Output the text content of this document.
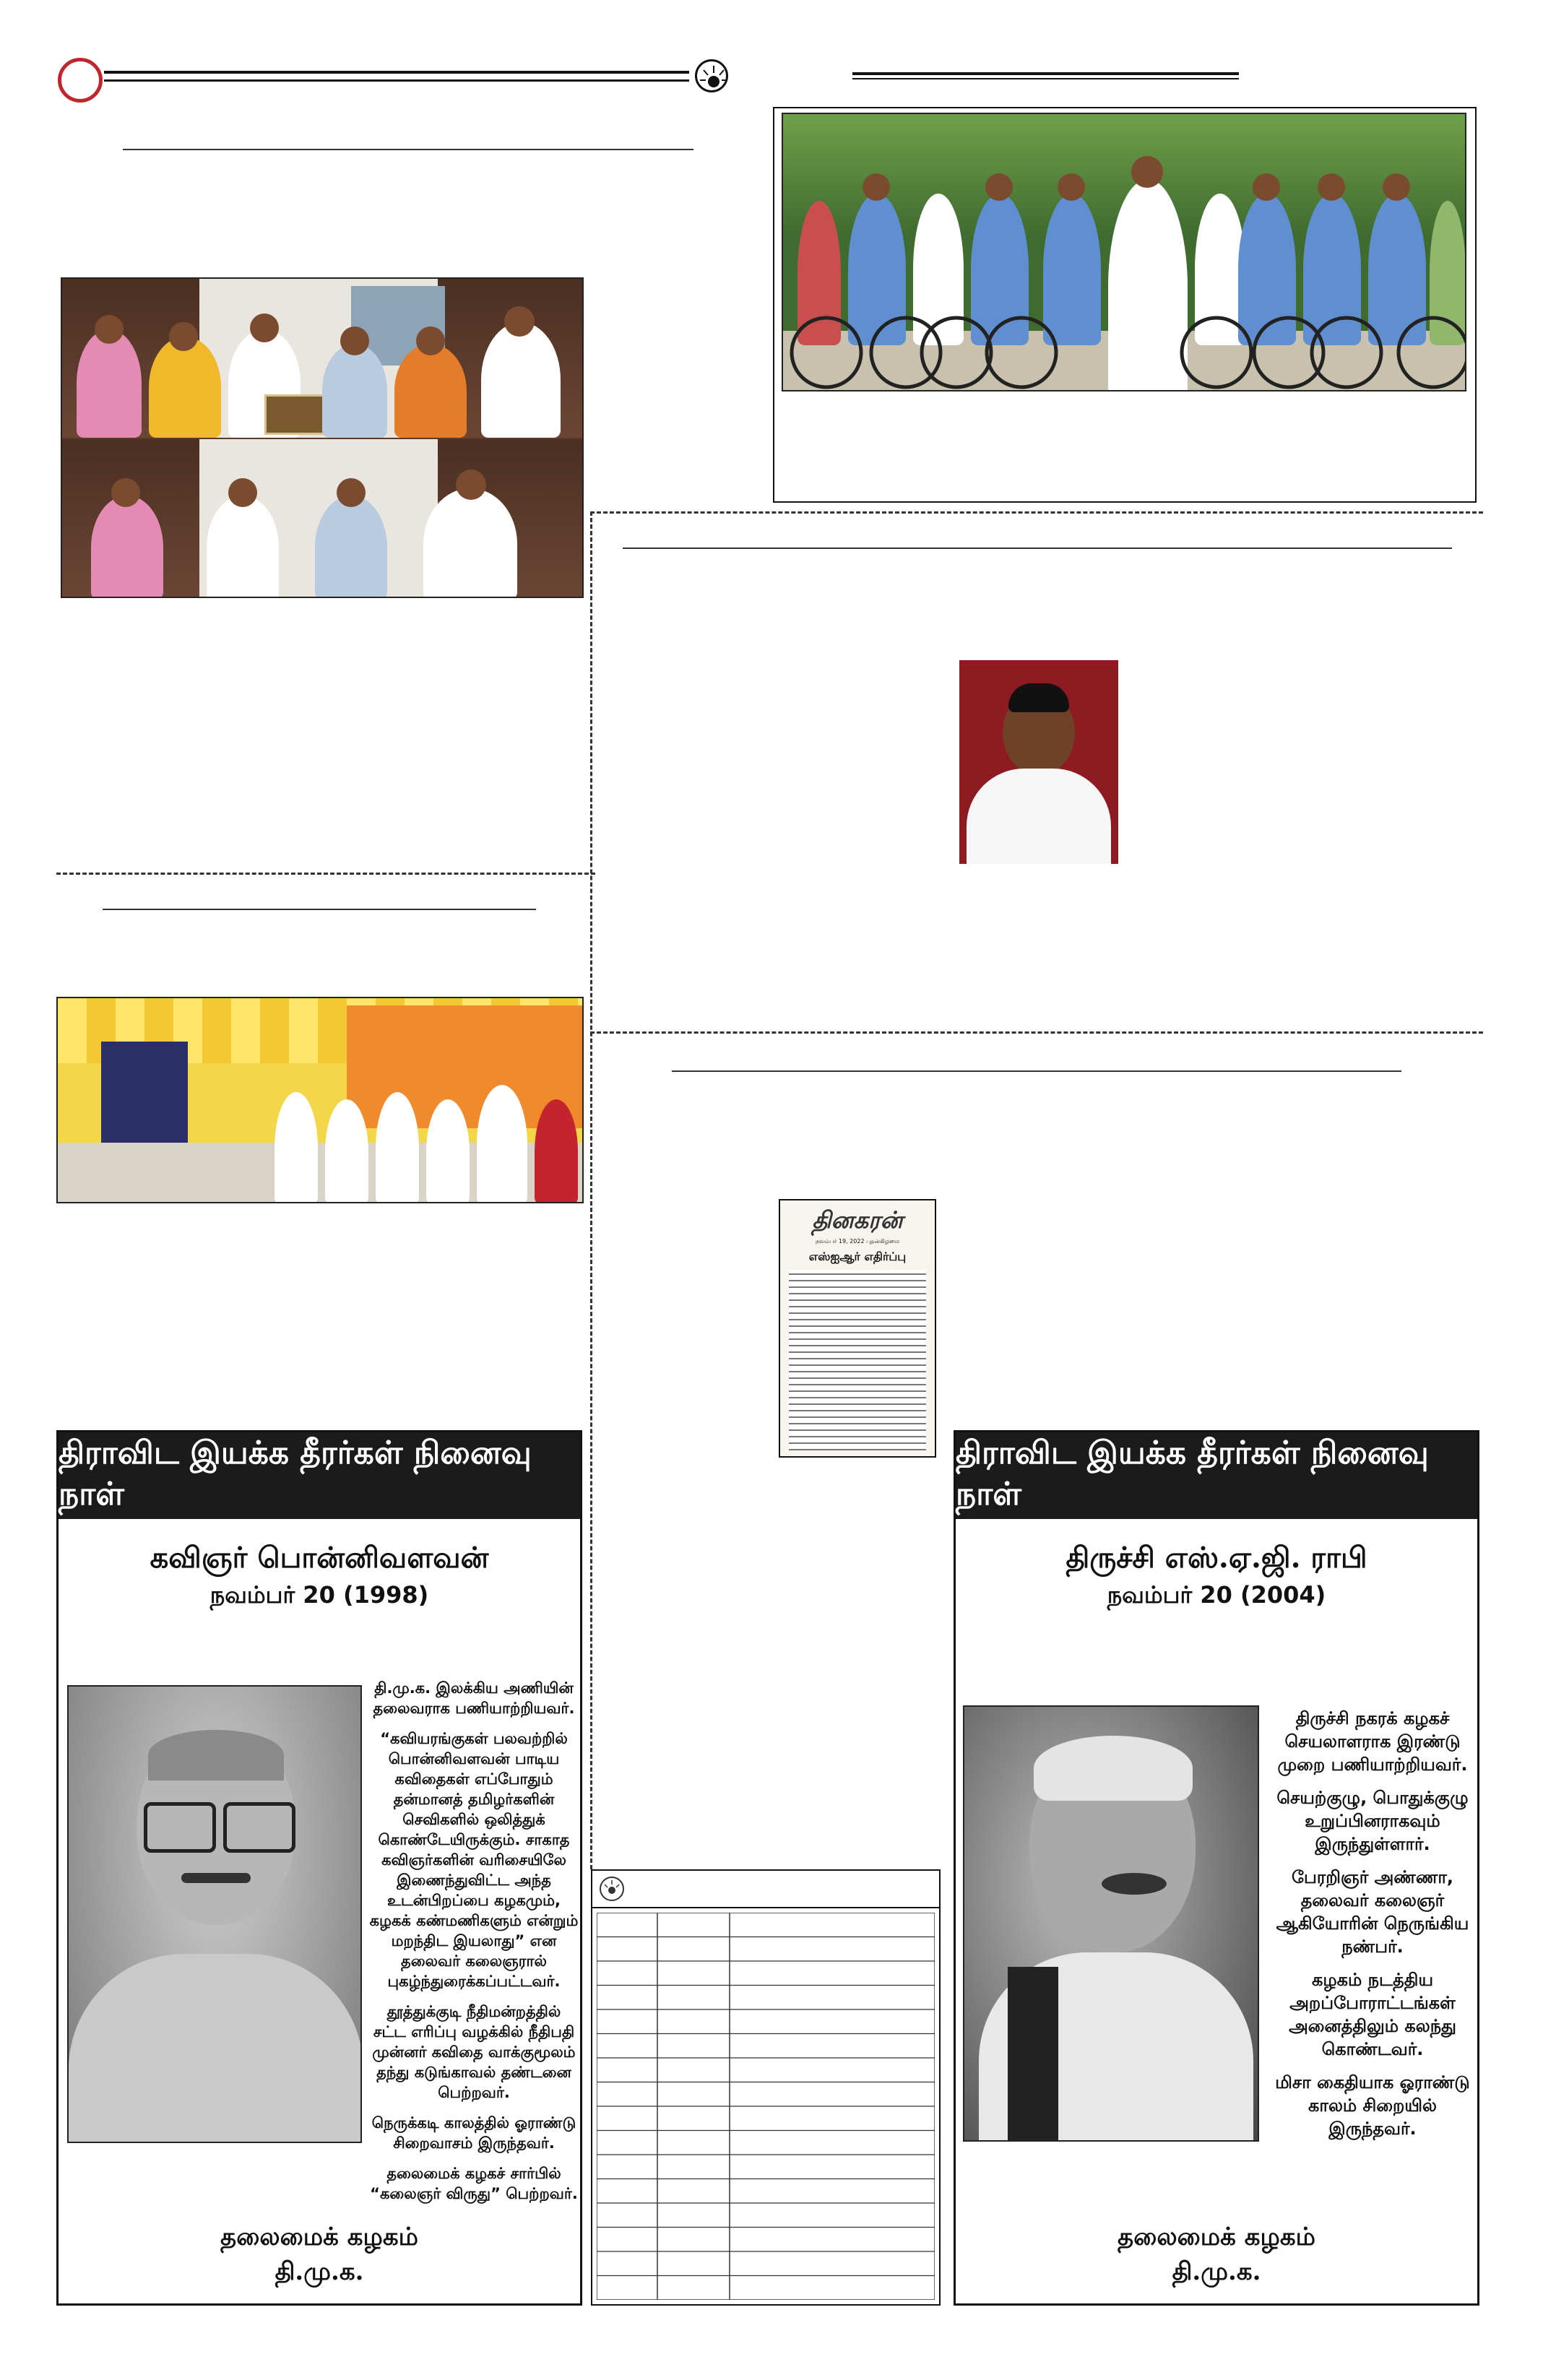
தினகரன்
நவம்பர் 19, 2022 புதன்கிழமை
எஸ்ஐஆர் எதிர்ப்பு
திராவிட இயக்க தீரர்கள் நினைவு நாள்
கவிஞர் பொன்னிவளவன்
நவம்பர் 20 (1998)

தி.மு.க. இலக்கிய அணியின் தலைவராக பணியாற்றியவர்.

“கவியரங்குகள் பலவற்றில் பொன்னிவளவன் பாடிய கவிதைகள் எப்போதும் தன்மானத் தமிழர்களின் செவிகளில் ஒலித்துக் கொண்டேயிருக்கும். சாகாத கவிஞர்களின் வரிசையிலே இணைந்துவிட்ட அந்த உடன்பிறப்பை கழகமும், கழகக் கண்மணிகளும் என்றும் மறந்திட இயலாது” என தலைவர் கலைஞரால் புகழ்ந்துரைக்கப்பட்டவர்.

தூத்துக்குடி நீதிமன்றத்தில் சட்ட எரிப்பு வழக்கில் நீதிபதி முன்னர் கவிதை வாக்குமூலம் தந்து கடுங்காவல் தண்டனை பெற்றவர்.

நெருக்கடி காலத்தில் ஓராண்டு சிறைவாசம் இருந்தவர்.

தலைமைக் கழகச் சார்பில் “கலைஞர் விருது” பெற்றவர்.

தலைமைக் கழகம்
தி.மு.க.
திராவிட இயக்க தீரர்கள் நினைவு நாள்
திருச்சி எஸ்.ஏ.ஜி. ராபி
நவம்பர் 20 (2004)

திருச்சி நகரக் கழகச் செயலாளராக இரண்டு முறை பணியாற்றியவர்.

செயற்குழு, பொதுக்குழு உறுப்பினராகவும் இருந்துள்ளார்.

பேரறிஞர் அண்ணா, தலைவர் கலைஞர் ஆகியோரின் நெருங்கிய நண்பர்.

கழகம் நடத்திய அறப்போராட்டங்கள் அனைத்திலும் கலந்து கொண்டவர்.

மிசா கைதியாக ஓராண்டு காலம் சிறையில் இருந்தவர்.

தலைமைக் கழகம்
தி.மு.க.
